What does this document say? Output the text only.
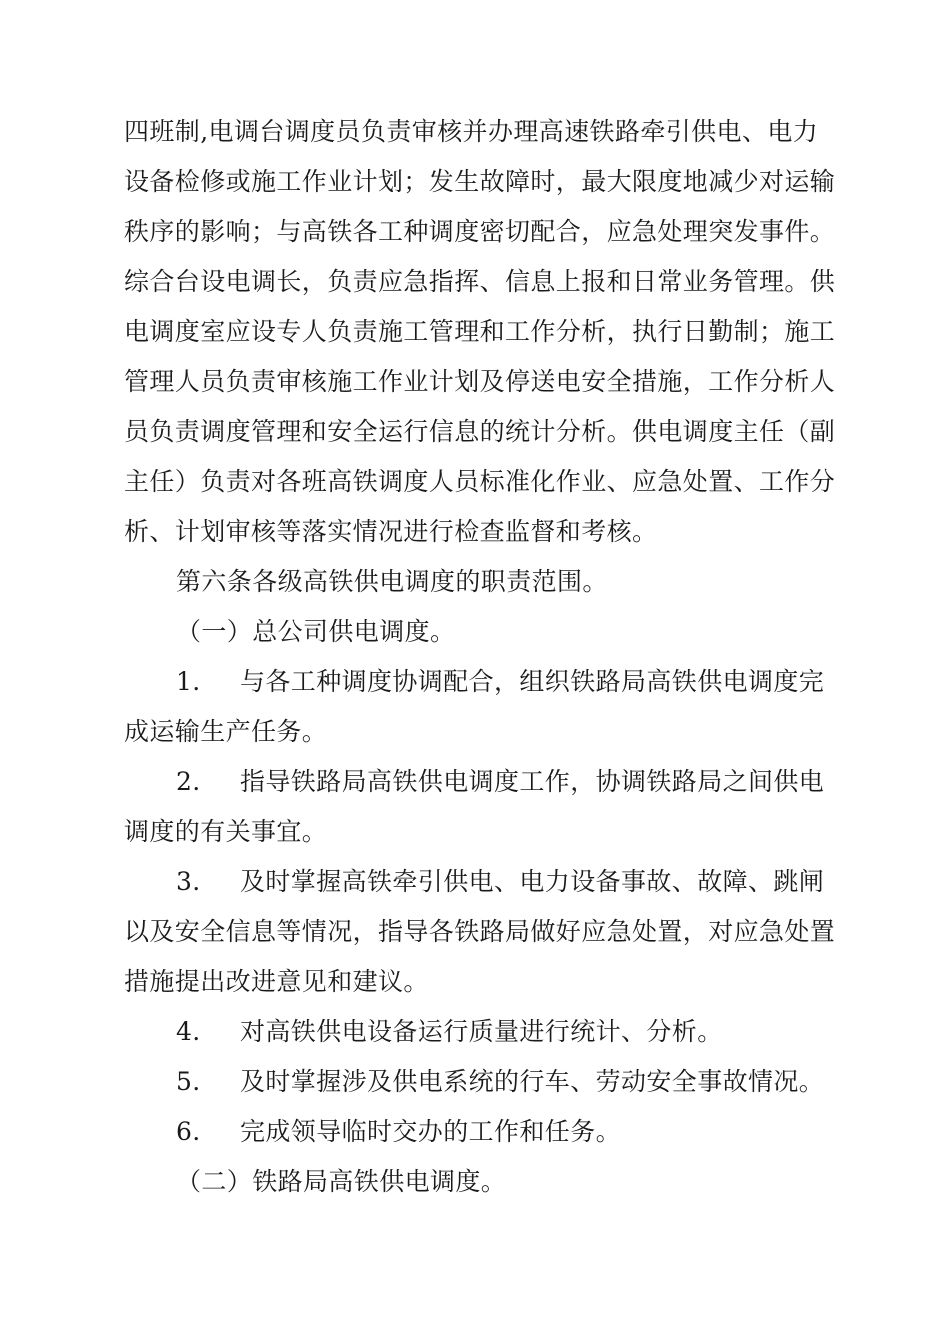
四班制,电调台调度员负责审核并办理高速铁路牵引供电、电力
设备检修或施工作业计划；发生故障时，最大限度地减少对运输
秩序的影响；与高铁各工种调度密切配合，应急处理突发事件。
综合台设电调长，负责应急指挥、信息上报和日常业务管理。供
电调度室应设专人负责施工管理和工作分析，执行日勤制；施工
管理人员负责审核施工作业计划及停送电安全措施，工作分析人
员负责调度管理和安全运行信息的统计分析。供电调度主任（副
主任）负责对各班高铁调度人员标准化作业、应急处置、工作分
析、计划审核等落实情况进行检查监督和考核。
第六条各级高铁供电调度的职责范围。
（一）总公司供电调度。
1. 与各工种调度协调配合，组织铁路局高铁供电调度完
成运输生产任务。
2. 指导铁路局高铁供电调度工作，协调铁路局之间供电
调度的有关事宜。
3. 及时掌握高铁牵引供电、电力设备事故、故障、跳闸
以及安全信息等情况，指导各铁路局做好应急处置，对应急处置
措施提出改进意见和建议。
4. 对高铁供电设备运行质量进行统计、分析。
5. 及时掌握涉及供电系统的行车、劳动安全事故情况。
6. 完成领导临时交办的工作和任务。
（二）铁路局高铁供电调度。
